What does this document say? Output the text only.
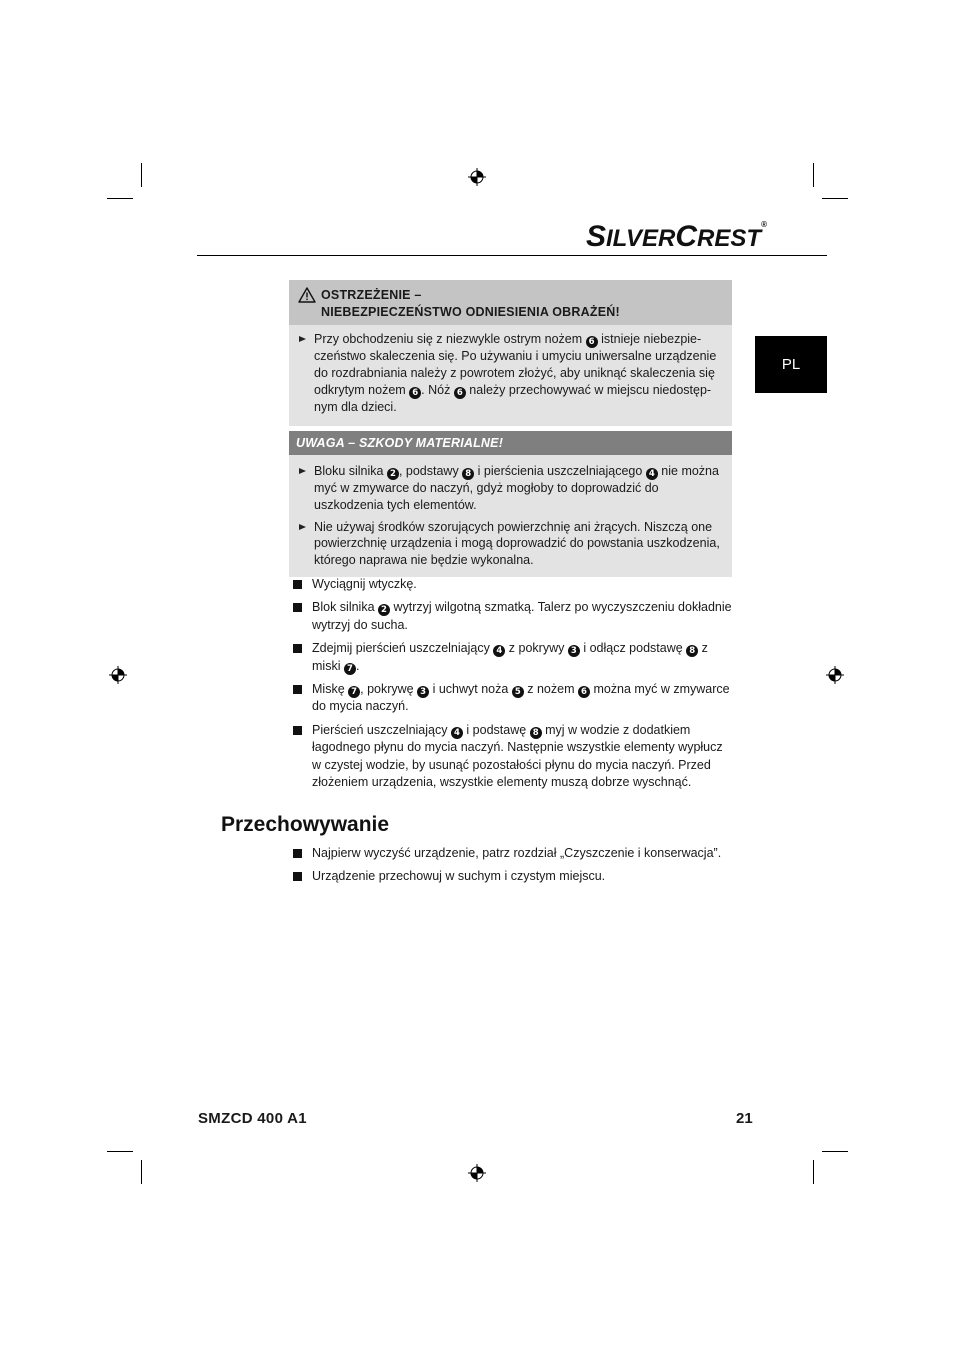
SILVERCREST®
PL
OSTRZEŻENIE –
NIEBEZPIECZEŃSTWO ODNIESIENIA OBRAŻEŃ!
Przy obchodzeniu się z niezwykle ostrym nożem 6 istnieje niebezpieczeństwo skaleczenia się. Po używaniu i umyciu uniwersalne urządzenie do rozdrabniania należy z powrotem złożyć, aby uniknąć skaleczenia się odkrytym nożem 6 . Nóż 6 należy przechowywać w miejscu niedostępnym dla dzieci.
UWAGA – SZKODY MATERIALNE!
Bloku silnika 2 , podstawy 8 i pierścienia uszczelniającego 4 nie można myć w zmywarce do naczyń, gdyż mogłoby to doprowadzić do uszkodzenia tych elementów.
Nie używaj środków szorujących powierzchnię ani żrących. Niszczą one powierzchnię urządzenia i mogą doprowadzić do powstania uszkodzenia, którego naprawa nie będzie wykonalna.
Wyciągnij wtyczkę.
Blok silnika 2 wytrzyj wilgotną szmatką. Talerz po wyczyszczeniu dokładnie wytrzyj do sucha.
Zdejmij pierścień uszczelniający 4 z pokrywy 3 i odłącz podstawę 8 z miski 7 .
Miskę 7 , pokrywę 3 i uchwyt noża 5 z nożem 6 można myć w zmywarce do mycia naczyń.
Pierścień uszczelniający 4 i podstawę 8 myj w wodzie z dodatkiem łagodnego płynu do mycia naczyń. Następnie wszystkie elementy wypłucz w czystej wodzie, by usunąć pozostałości płynu do mycia naczyń. Przed złożeniem urządzenia, wszystkie elementy muszą dobrze wyschnąć.
Przechowywanie
Najpierw wyczyść urządzenie, patrz rozdział „Czyszczenie i konserwacja”.
Urządzenie przechowuj w suchym i czystym miejscu.
SMZCD 400 A1	21
